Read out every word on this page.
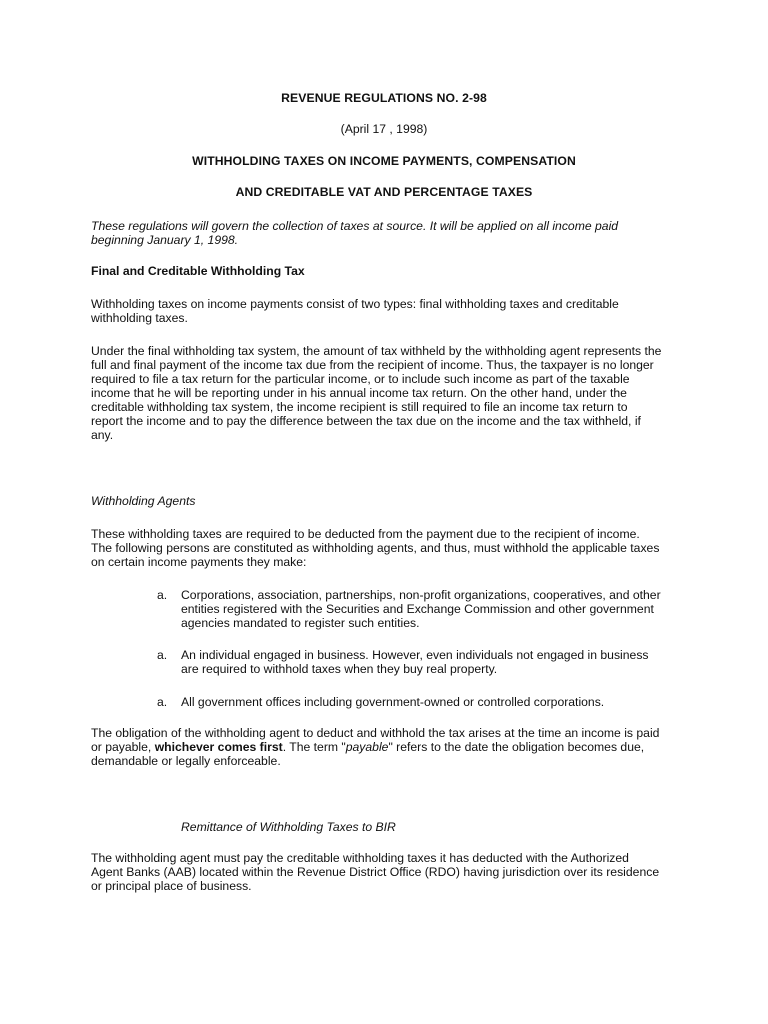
REVENUE REGULATIONS NO. 2-98
(April 17 , 1998)
WITHHOLDING TAXES ON INCOME PAYMENTS, COMPENSATION
AND CREDITABLE VAT AND PERCENTAGE TAXES
These regulations will govern the collection of taxes at source. It will be applied on all income paid
beginning January 1, 1998.
Final and Creditable Withholding Tax
Withholding taxes on income payments consist of two types: final withholding taxes and creditable
withholding taxes.
Under the final withholding tax system, the amount of tax withheld by the withholding agent represents the
full and final payment of the income tax due from the recipient of income. Thus, the taxpayer is no longer
required to file a tax return for the particular income, or to include such income as part of the taxable
income that he will be reporting under in his annual income tax return. On the other hand, under the
creditable withholding tax system, the income recipient is still required to file an income tax return to
report the income and to pay the difference between the tax due on the income and the tax withheld, if
any.
Withholding Agents
These withholding taxes are required to be deducted from the payment due to the recipient of income.
The following persons are constituted as withholding agents, and thus, must withhold the applicable taxes
on certain income payments they make:
a. Corporations, association, partnerships, non-profit organizations, cooperatives, and other
entities registered with the Securities and Exchange Commission and other government
agencies mandated to register such entities.
a. An individual engaged in business. However, even individuals not engaged in business
are required to withhold taxes when they buy real property.
a. All government offices including government-owned or controlled corporations.
The obligation of the withholding agent to deduct and withhold the tax arises at the time an income is paid
or payable, whichever comes first. The term "payable" refers to the date the obligation becomes due,
demandable or legally enforceable.
Remittance of Withholding Taxes to BIR
The withholding agent must pay the creditable withholding taxes it has deducted with the Authorized
Agent Banks (AAB) located within the Revenue District Office (RDO) having jurisdiction over its residence
or principal place of business.
